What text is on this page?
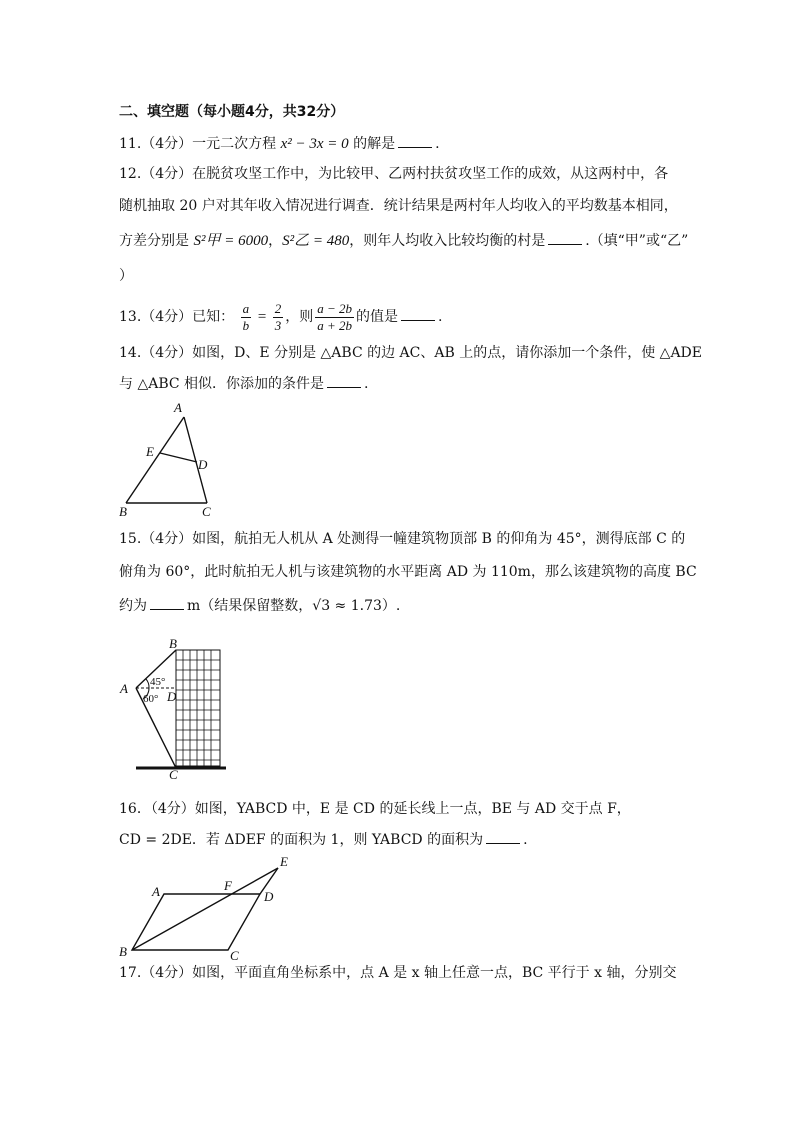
二、填空题（每小题4分，共32分）
11.（4分）一元二次方程 x² − 3x = 0 的解是	.
12.（4分）在脱贫攻坚工作中，为比较甲、乙两村扶贫攻坚工作的成效，从这两村中，各
随机抽取 20 户对其年收入情况进行调查．统计结果是两村年人均收入的平均数基本相同，
方差分别是 S²甲 = 6000，S²乙 = 480，则年人均收入比较均衡的村是	.（填“甲”或“乙”
）
13.（4分）已知： $\frac{a}{b} = \frac{2}{3}$ ，则 $\frac{a - 2b}{a + 2b}$ 的值是	.
14.（4分）如图，D、E 分别是 △ABC 的边 AC、AB 上的点，请你添加一个条件，使 △ADE
与 △ABC 相似．你添加的条件是	.
A
E
D
B	C
15.（4分）如图，航拍无人机从 A 处测得一幢建筑物顶部 B 的仰角为 45°，测得底部 C 的
俯角为 60°，此时航拍无人机与该建筑物的水平距离 AD 为 110m，那么该建筑物的高度 BC
约为	m（结果保留整数，√3 ≈ 1.73）.
B
A 45°
60° D
C
16．（4分）如图，YABCD 中，E 是 CD 的延长线上一点，BE 与 AD 交于点 F，
CD = 2DE．若 ΔDEF 的面积为 1，则 YABCD 的面积为	.
E
A	F
D
B	C
17.（4分）如图，平面直角坐标系中，点 A 是 x 轴上任意一点，BC 平行于 x 轴，分别交
